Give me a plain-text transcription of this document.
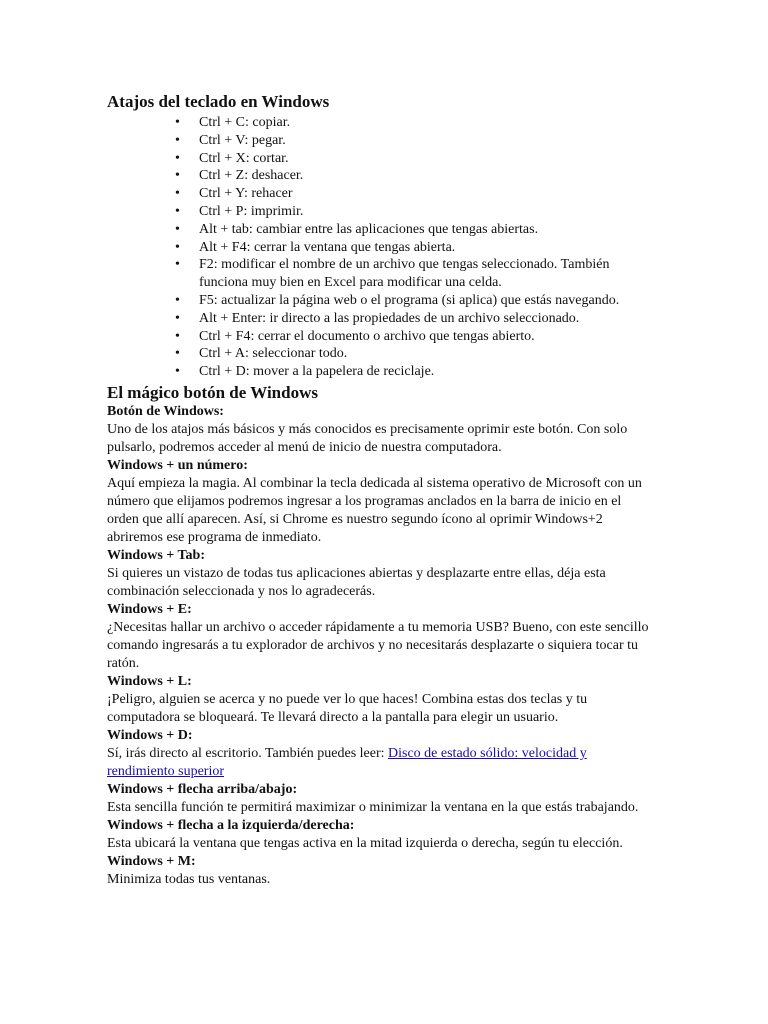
Atajos del teclado en Windows
• Ctrl + C: copiar.
• Ctrl + V: pegar.
• Ctrl + X: cortar.
• Ctrl + Z: deshacer.
• Ctrl + Y: rehacer
• Ctrl + P: imprimir.
• Alt + tab: cambiar entre las aplicaciones que tengas abiertas.
• Alt + F4: cerrar la ventana que tengas abierta.
• F2: modificar el nombre de un archivo que tengas seleccionado. También funciona muy bien en Excel para modificar una celda.
• F5: actualizar la página web o el programa (si aplica) que estás navegando.
• Alt + Enter: ir directo a las propiedades de un archivo seleccionado.
• Ctrl + F4: cerrar el documento o archivo que tengas abierto.
• Ctrl + A: seleccionar todo.
• Ctrl + D: mover a la papelera de reciclaje.
El mágico botón de Windows

Botón de Windows:

Uno de los atajos más básicos y más conocidos es precisamente oprimir este botón. Con solo pulsarlo, podremos acceder al menú de inicio de nuestra computadora.

Windows + un número:

Aquí empieza la magia. Al combinar la tecla dedicada al sistema operativo de Microsoft con un número que elijamos podremos ingresar a los programas anclados en la barra de inicio en el orden que allí aparecen. Así, si Chrome es nuestro segundo ícono al oprimir Windows+2 abriremos ese programa de inmediato.

Windows + Tab:

Si quieres un vistazo de todas tus aplicaciones abiertas y desplazarte entre ellas, déja esta combinación seleccionada y nos lo agradecerás.

Windows + E:

¿Necesitas hallar un archivo o acceder rápidamente a tu memoria USB? Bueno, con este sencillo comando ingresarás a tu explorador de archivos y no necesitarás desplazarte o siquiera tocar tu ratón.

Windows + L:

¡Peligro, alguien se acerca y no puede ver lo que haces! Combina estas dos teclas y tu computadora se bloqueará. Te llevará directo a la pantalla para elegir un usuario.

Windows + D:

Sí, irás directo al escritorio. También puedes leer: Disco de estado sólido: velocidad y rendimiento superior

Windows + flecha arriba/abajo:

Esta sencilla función te permitirá maximizar o minimizar la ventana en la que estás trabajando.

Windows + flecha a la izquierda/derecha:

Esta ubicará la ventana que tengas activa en la mitad izquierda o derecha, según tu elección.

Windows + M:

Minimiza todas tus ventanas.
